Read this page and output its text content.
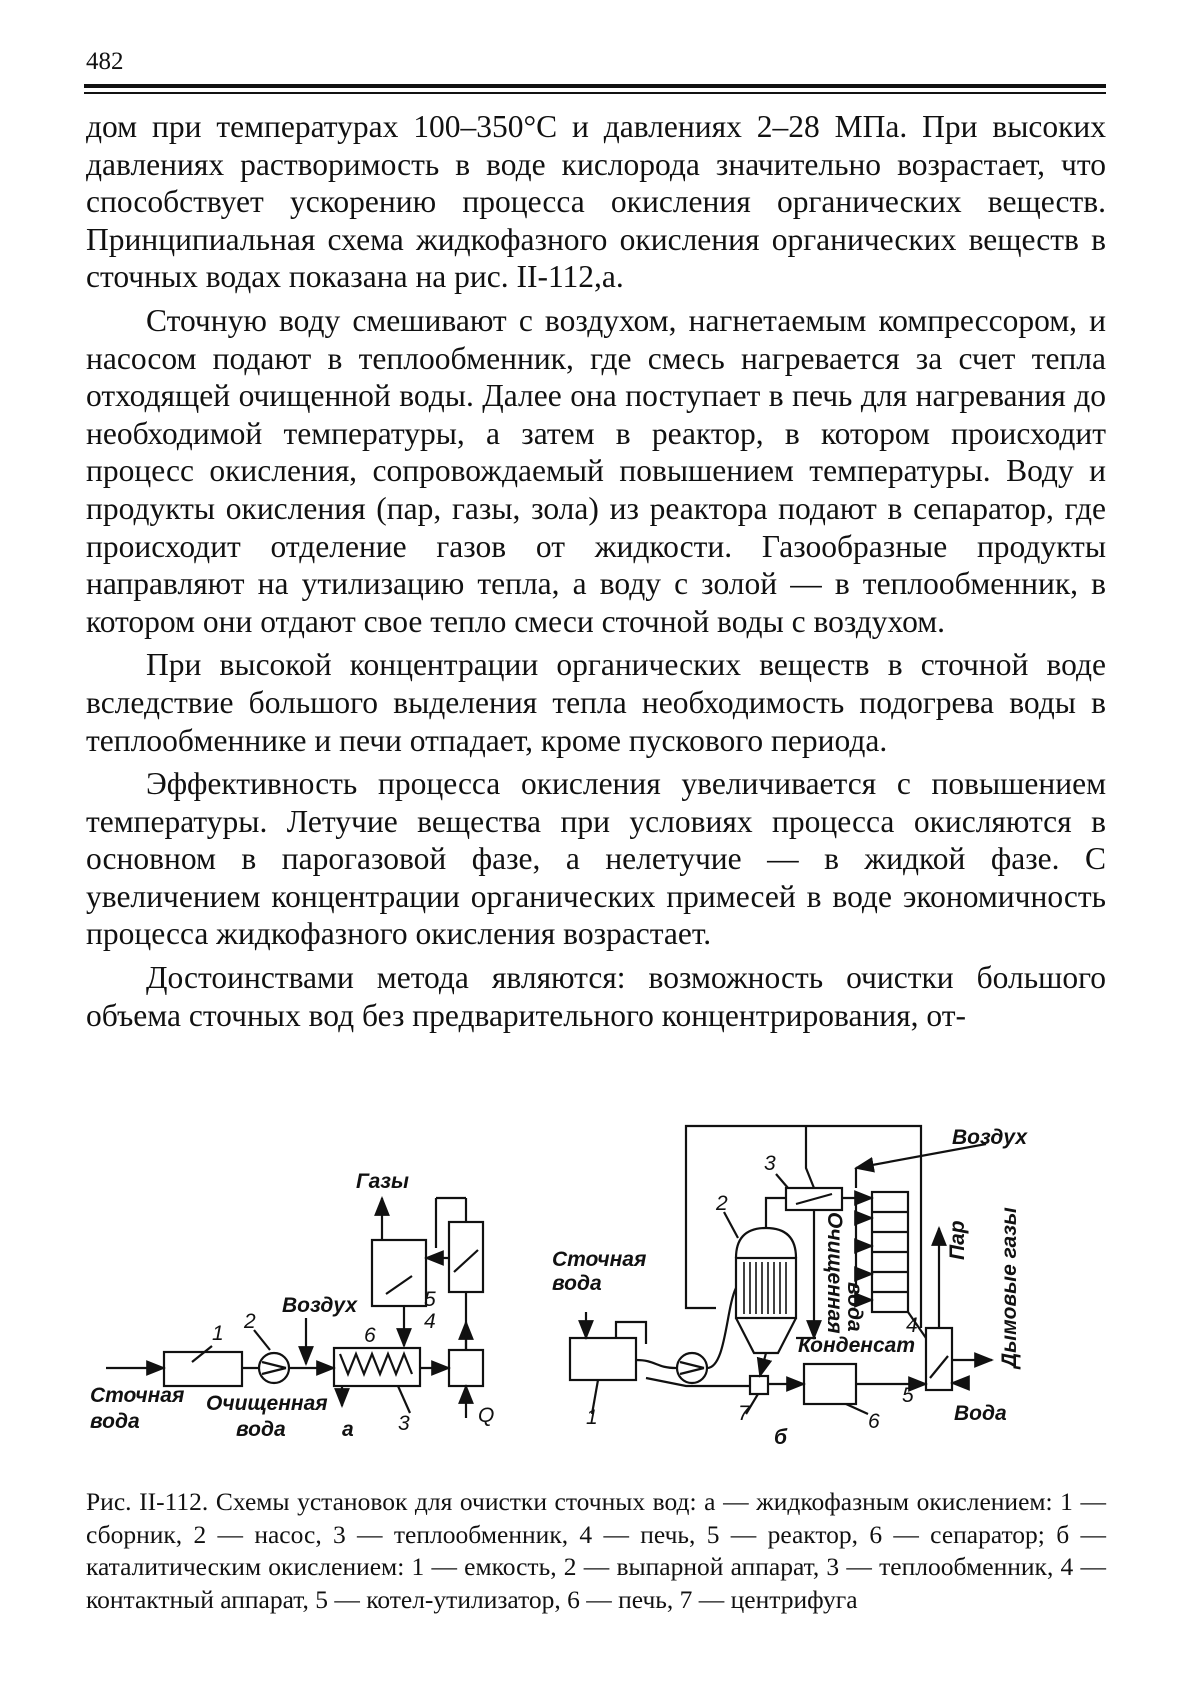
482

дом при температурах 100–350°C и давлениях 2–28 МПа. При высоких давлениях растворимость в воде кислорода значительно возрастает, что способствует ускорению процесса окисления органических веществ. Принципиальная схема жидкофазного окисления органических веществ в сточных водах показана на рис. II-112,а.

Сточную воду смешивают с воздухом, нагнетаемым компрессором, и насосом подают в теплообменник, где смесь нагревается за счет тепла отходящей очищенной воды. Далее она поступает в печь для нагревания до необходимой температуры, а затем в реактор, в котором происходит процесс окисления, сопровождаемый повышением температуры. Воду и продукты окисления (пар, газы, зола) из реактора подают в сепаратор, где происходит отделение газов от жидкости. Газообразные продукты направляют на утилизацию тепла, а воду с золой — в теплообменник, в котором они отдают свое тепло смеси сточной воды с воздухом.

При высокой концентрации органических веществ в сточной воде вследствие большого выделения тепла необходимость подогрева воды в теплообменнике и печи отпадает, кроме пускового периода.

Эффективность процесса окисления увеличивается с повышением температуры. Летучие вещества при условиях процесса окисляются в основном в парогазовой фазе, а нелетучие — в жидкой фазе. С увеличением концентрации органических примесей в воде экономичность процесса жидкофазного окисления возрастает.

Достоинствами метода являются: возможность очистки большого объема сточных вод без предварительного концентрирования, от-

Газы
Воздух
1
2
3
4
5
6
Q
Сточная
вода
Очищенная
вода	а
Сточная
вода
Воздух
1
2
3
4
5
6
7
Конденсат
Вода
б
Очищенная
вода
Пар Дымовые газы
Рис. II-112. Схемы установок для очистки сточных вод: а — жидкофазным окислением: 1 — сборник, 2 — насос, 3 — теплообменник, 4 — печь, 5 — реактор, 6 — сепаратор; б — каталитическим окислением: 1 — емкость, 2 — выпарной аппарат, 3 — теплообменник, 4 — контактный аппарат, 5 — котел-утилизатор, 6 — печь, 7 — центрифуга
